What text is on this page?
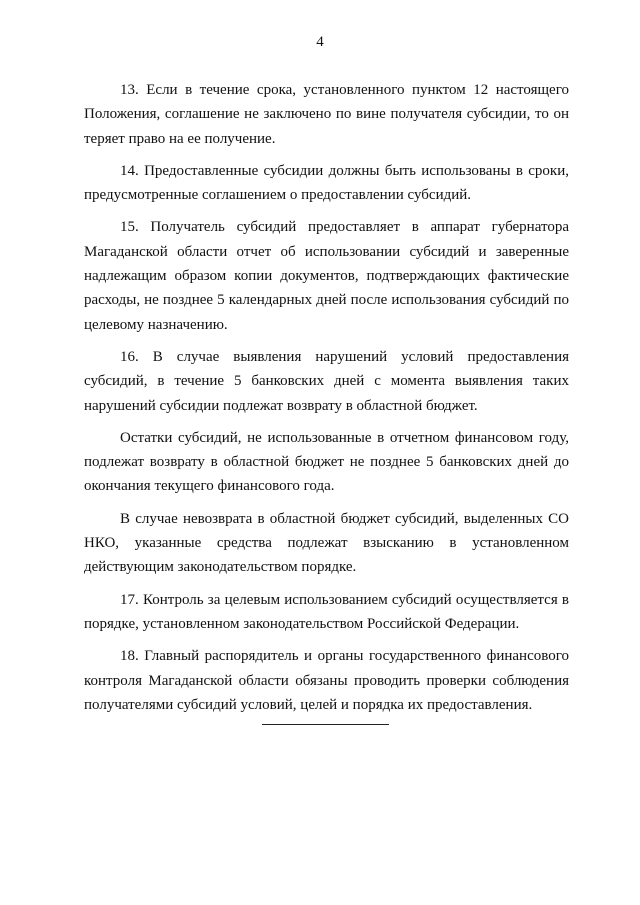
4

13. Если в течение срока, установленного пунктом 12 настоящего Положения, соглашение не заключено по вине получателя субсидии, то он теряет право на ее получение.

14. Предоставленные субсидии должны быть использованы в сроки, предусмотренные соглашением о предоставлении субсидий.

15. Получатель субсидий предоставляет в аппарат губернатора Магаданской области отчет об использовании субсидий и заверенные надлежащим образом копии документов, подтверждающих фактические расходы, не позднее 5 календарных дней после использования субсидий по целевому назначению.

16. В случае выявления нарушений условий предоставления субсидий, в течение 5 банковских дней с момента выявления таких нарушений субсидии подлежат возврату в областной бюджет.

Остатки субсидий, не использованные в отчетном финансовом году, подлежат возврату в областной бюджет не позднее 5 банковских дней до окончания текущего финансового года.

В случае невозврата в областной бюджет субсидий, выделенных СО НКО, указанные средства подлежат взысканию в установленном действующим законодательством порядке.

17. Контроль за целевым использованием субсидий осуществляется в порядке, установленном законодательством Российской Федерации.

18. Главный распорядитель и органы государственного финансового контроля Магаданской области обязаны проводить проверки соблюдения получателями субсидий условий, целей и порядка их предоставления.
